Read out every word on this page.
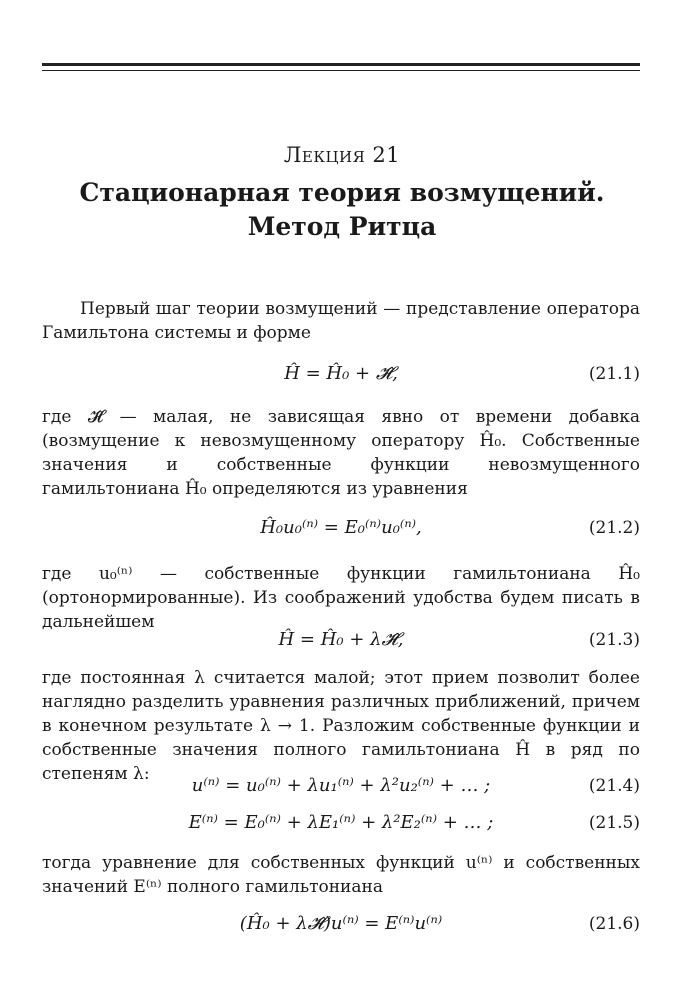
Лекция 21
Стационарная теория возмущений.
Метод Ритца

Первый шаг теории возмущений — представление оператора Гамильтона системы и форме

Ĥ = Ĥ₀ + 𝓗̂,	(21.1)

где 𝓗̂ — малая, не зависящая явно от времени добавка (возмущение к невозмущенному оператору Ĥ₀. Собственные значения и собственные функции невозмущенного гамильтониана Ĥ₀ определяются из уравнения

Ĥ₀u₀⁽ⁿ⁾ = E₀⁽ⁿ⁾u₀⁽ⁿ⁾,	(21.2)

где u₀⁽ⁿ⁾ — собственные функции гамильтониана Ĥ₀ (ортонормированные). Из соображений удобства будем писать в дальнейшем

Ĥ = Ĥ₀ + λ𝓗̂,	(21.3)

где постоянная λ считается малой; этот прием позволит более наглядно разделить уравнения различных приближений, причем в конечном результате λ → 1. Разложим собственные функции и собственные значения полного гамильтониана Ĥ в ряд по степеням λ:

u⁽ⁿ⁾ = u₀⁽ⁿ⁾ + λu₁⁽ⁿ⁾ + λ²u₂⁽ⁿ⁾ + … ;	(21.4)
E⁽ⁿ⁾ = E₀⁽ⁿ⁾ + λE₁⁽ⁿ⁾ + λ²E₂⁽ⁿ⁾ + … ;	(21.5)

тогда уравнение для собственных функций u⁽ⁿ⁾ и собственных значений E⁽ⁿ⁾ полного гамильтониана

(Ĥ₀ + λ𝓗̂)u⁽ⁿ⁾ = E⁽ⁿ⁾u⁽ⁿ⁾	(21.6)
